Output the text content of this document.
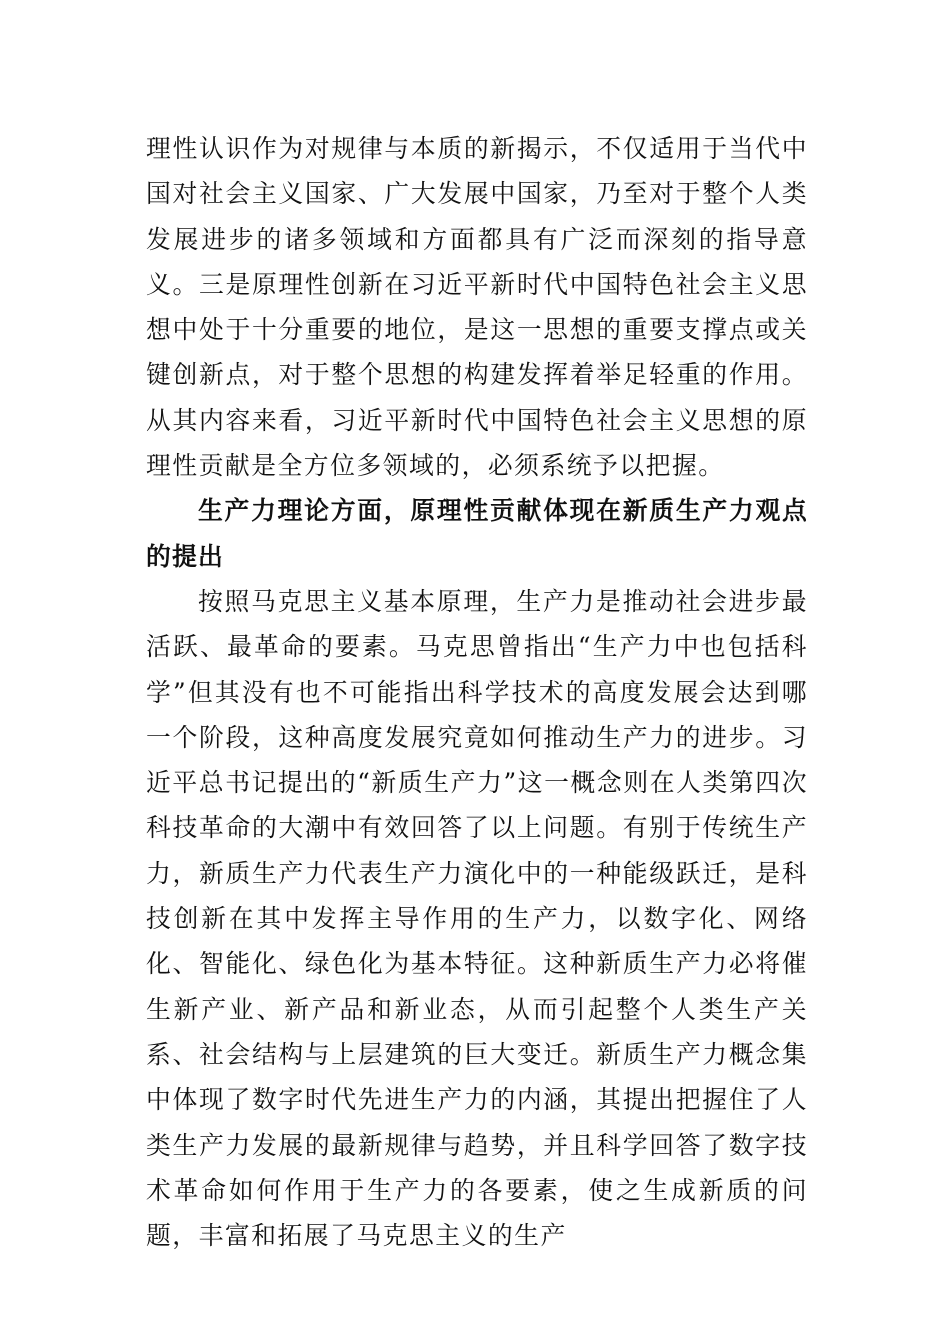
理性认识作为对规律与本质的新揭示，不仅适用于当代中国对社会主义国家、广大发展中国家，乃至对于整个人类发展进步的诸多领域和方面都具有广泛而深刻的指导意义。三是原理性创新在习近平新时代中国特色社会主义思想中处于十分重要的地位，是这一思想的重要支撑点或关键创新点，对于整个思想的构建发挥着举足轻重的作用。从其内容来看，习近平新时代中国特色社会主义思想的原理性贡献是全方位多领域的，必须系统予以把握。

生产力理论方面，原理性贡献体现在新质生产力观点的提出

按照马克思主义基本原理，生产力是推动社会进步最活跃、最革命的要素。马克思曾指出“生产力中也包括科学”但其没有也不可能指出科学技术的高度发展会达到哪一个阶段，这种高度发展究竟如何推动生产力的进步。习近平总书记提出的“新质生产力”这一概念则在人类第四次科技革命的大潮中有效回答了以上问题。有别于传统生产力，新质生产力代表生产力演化中的一种能级跃迁，是科技创新在其中发挥主导作用的生产力，以数字化、网络化、智能化、绿色化为基本特征。这种新质生产力必将催生新产业、新产品和新业态，从而引起整个人类生产关系、社会结构与上层建筑的巨大变迁。新质生产力概念集中体现了数字时代先进生产力的内涵，其提出把握住了人类生产力发展的最新规律与趋势，并且科学回答了数字技术革命如何作用于生产力的各要素，使之生成新质的问题，丰富和拓展了马克思主义的生产
